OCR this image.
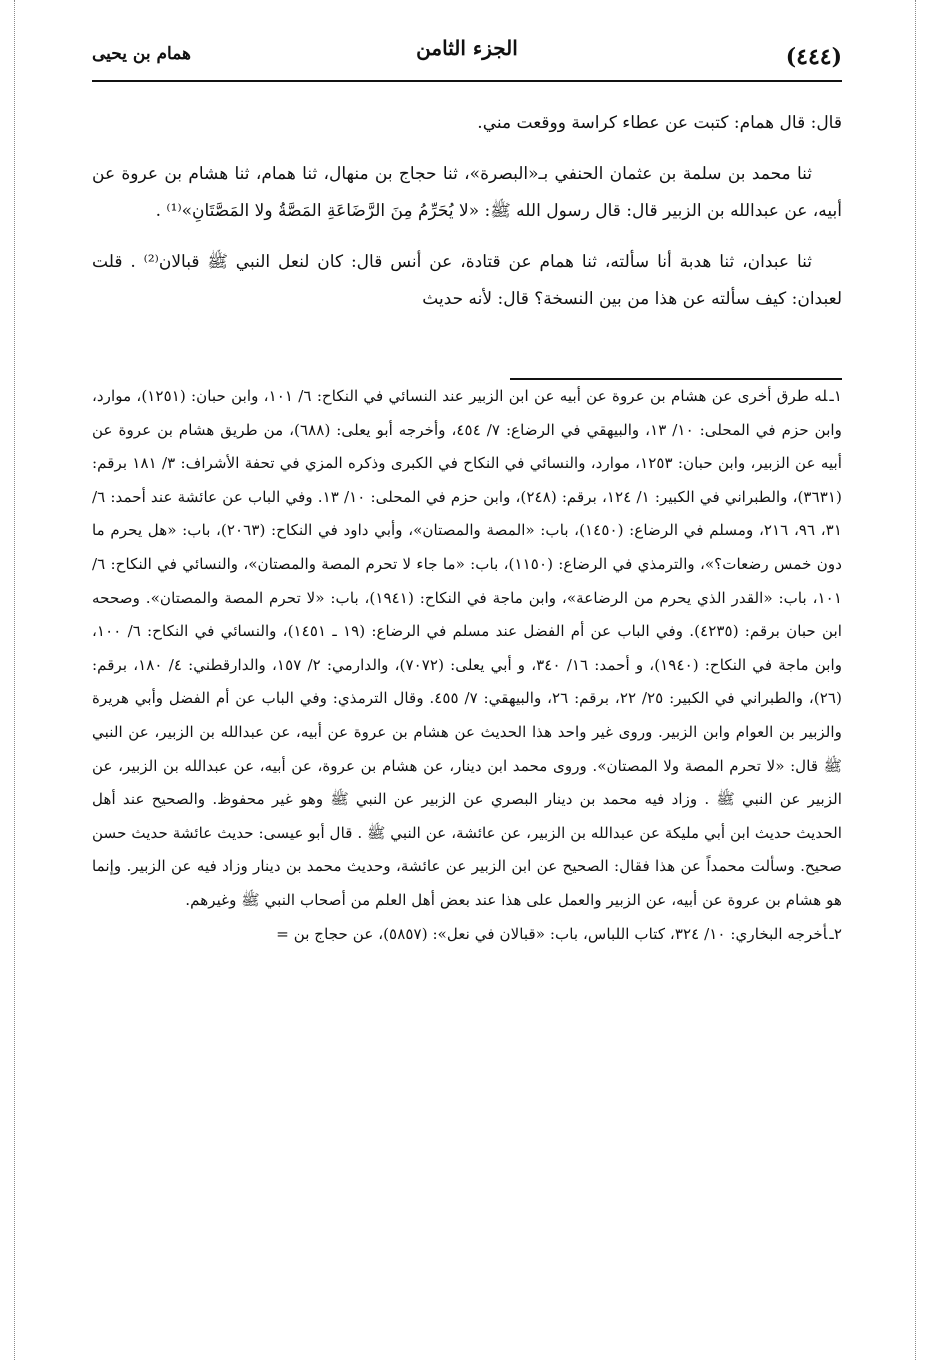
(٤٤٤)
الجزء الثامن
همام بن يحيى

قال: قال همام: كتبت عن عطاء كراسة ووقعت مني.

ثنا محمد بن سلمة بن عثمان الحنفي بـ«البصرة»، ثنا حجاج بن منهال، ثنا همام، ثنا هشام بن عروة عن أبيه، عن عبدالله بن الزبير قال: قال رسول الله ﷺ: «لا يُحَرِّمُ مِنَ الرَّضَاعَةِ المَصَّةُ ولا المَصَّتَانِ»⁽¹⁾ .

ثنا عبدان، ثنا هدبة أنا سألته، ثنا همام عن قتادة، عن أنس قال: كان لنعل النبي ﷺ قبالان⁽²⁾ . قلت لعبدان: كيف سألته عن هذا من بين النسخة؟ قال: لأنه حديث

١ـله طرق أخرى عن هشام بن عروة عن أبيه عن ابن الزبير عند النسائي في النكاح: ٦/ ١٠١، وابن حبان: (١٢٥١)، موارد، وابن حزم في المحلى: ١٠/ ١٣، والبيهقي في الرضاع: ٧/ ٤٥٤، وأخرجه أبو يعلى: (٦٨٨)، من طريق هشام بن عروة عن أبيه عن الزبير، وابن حبان: ١٢٥٣، موارد، والنسائي في النكاح في الكبرى وذكره المزي في تحفة الأشراف: ٣/ ١٨١ برقم: (٣٦٣١)، والطبراني في الكبير: ١/ ١٢٤، برقم: (٢٤٨)، وابن حزم في المحلى: ١٠/ ١٣. وفي الباب عن عائشة عند أحمد: ٦/ ٣١، ٩٦، ٢١٦، ومسلم في الرضاع: (١٤٥٠)، باب: «المصة والمصتان»، وأبي داود في النكاح: (٢٠٦٣)، باب: «هل يحرم ما دون خمس رضعات؟»، والترمذي في الرضاع: (١١٥٠)، باب: «ما جاء لا تحرم المصة والمصتان»، والنسائي في النكاح: ٦/ ١٠١، باب: «القدر الذي يحرم من الرضاعة»، وابن ماجة في النكاح: (١٩٤١)، باب: «لا تحرم المصة والمصتان». وصححه ابن حبان برقم: (٤٢٣٥). وفي الباب عن أم الفضل عند مسلم في الرضاع: (١٩ ـ ١٤٥١)، والنسائي في النكاح: ٦/ ١٠٠، وابن ماجة في النكاح: (١٩٤٠)، و أحمد: ١٦/ ٣٤٠، و أبي يعلى: (٧٠٧٢)، والدارمي: ٢/ ١٥٧، والدارقطني: ٤/ ١٨٠، برقم: (٢٦)، والطبراني في الكبير: ٢٥/ ٢٢، برقم: ٢٦، والبيهقي: ٧/ ٤٥٥. وقال الترمذي: وفي الباب عن أم الفضل وأبي هريرة والزبير بن العوام وابن الزبير. وروى غير واحد هذا الحديث عن هشام بن عروة عن أبيه، عن عبدالله بن الزبير، عن النبي ﷺ قال: «لا تحرم المصة ولا المصتان». وروى محمد ابن دينار، عن هشام بن عروة، عن أبيه، عن عبدالله بن الزبير، عن الزبير عن النبي ﷺ . وزاد فيه محمد بن دينار البصري عن الزبير عن النبي ﷺ وهو غير محفوظ. والصحيح عند أهل الحديث حديث ابن أبي مليكة عن عبدالله بن الزبير، عن عائشة، عن النبي ﷺ . قال أبو عيسى: حديث عائشة حديث حسن صحيح. وسألت محمداً عن هذا فقال: الصحيح عن ابن الزبير عن عائشة، وحديث محمد بن دينار وزاد فيه عن الزبير. وإنما هو هشام بن عروة عن أبيه، عن الزبير والعمل على هذا عند بعض أهل العلم من أصحاب النبي ﷺ وغيرهم.

٢ـأخرجه البخاري: ١٠/ ٣٢٤، كتاب اللباس، باب: «قبالان في نعل»: (٥٨٥٧)، عن حجاج بن =
